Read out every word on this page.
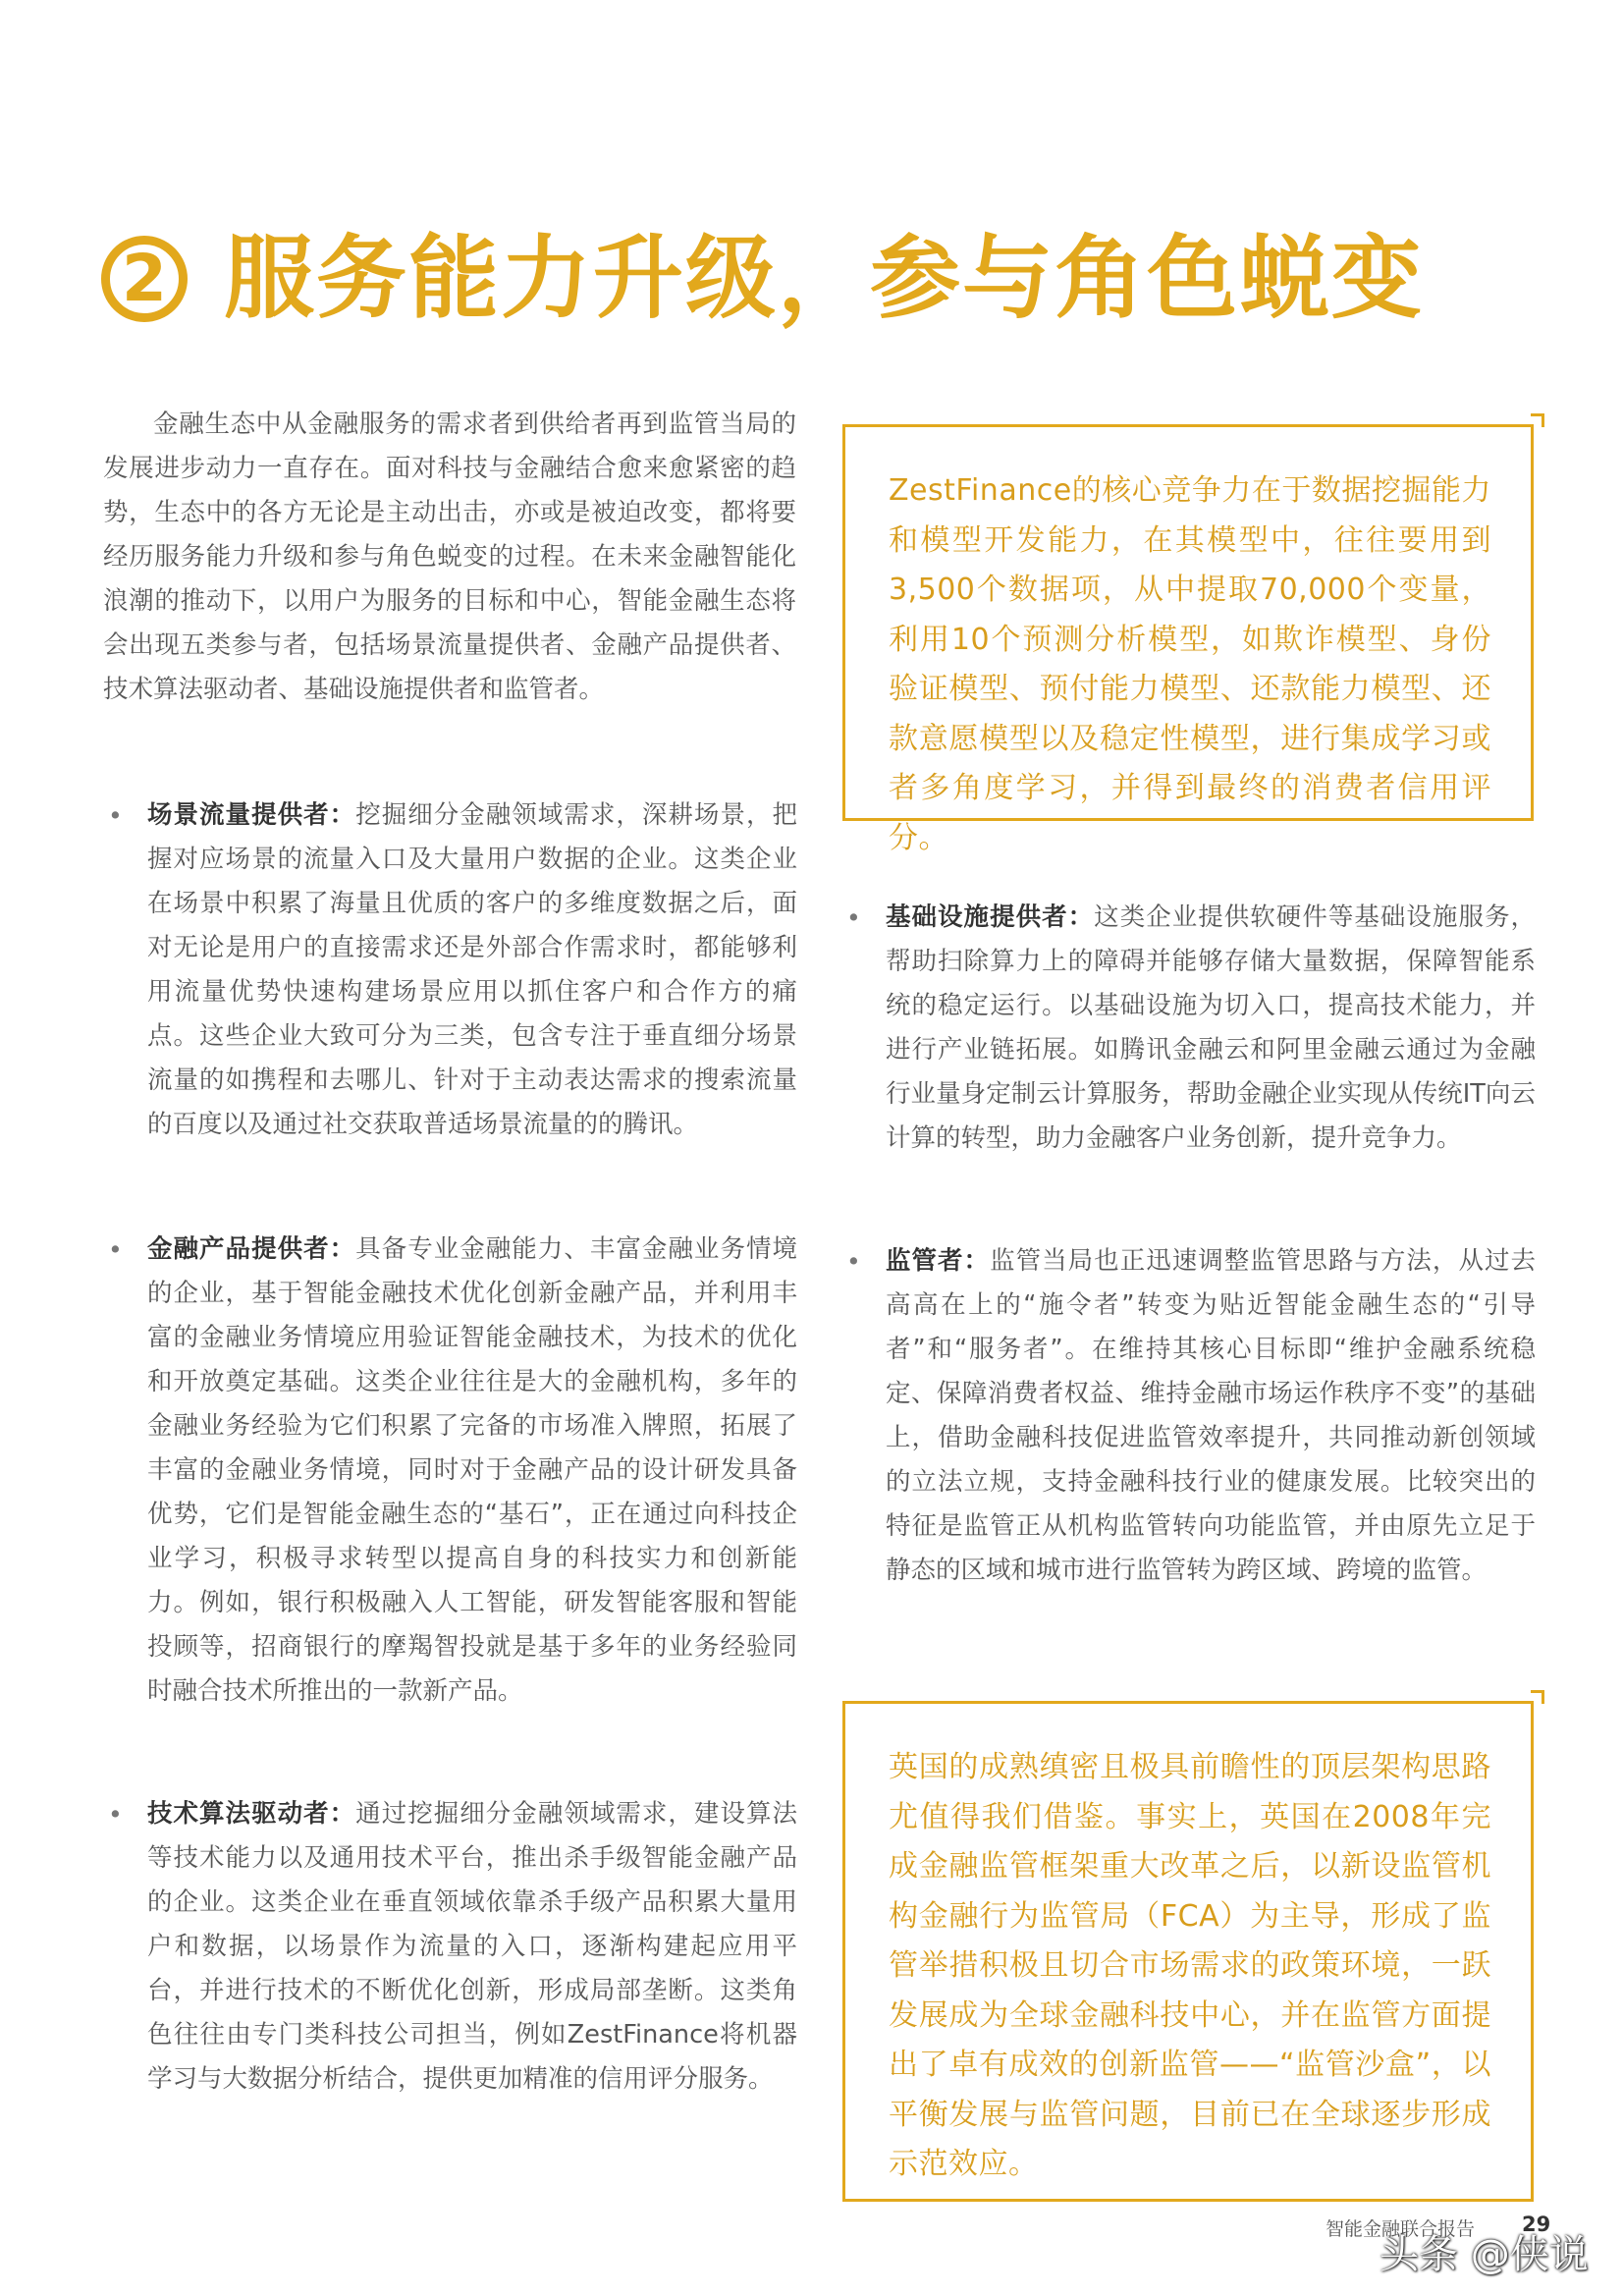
2 服务能力升级，参与角色蜕变

金融生态中从金融服务的需求者到供给者再到监管当局的发展进步动力一直存在。面对科技与金融结合愈来愈紧密的趋势，生态中的各方无论是主动出击，亦或是被迫改变，都将要经历服务能力升级和参与角色蜕变的过程。在未来金融智能化浪潮的推动下，以用户为服务的目标和中心，智能金融生态将会出现五类参与者，包括场景流量提供者、金融产品提供者、技术算法驱动者、基础设施提供者和监管者。

• 场景流量提供者：挖掘细分金融领域需求，深耕场景，把握对应场景的流量入口及大量用户数据的企业。这类企业在场景中积累了海量且优质的客户的多维度数据之后，面对无论是用户的直接需求还是外部合作需求时，都能够利用流量优势快速构建场景应用以抓住客户和合作方的痛点。这些企业大致可分为三类，包含专注于垂直细分场景流量的如携程和去哪儿、针对于主动表达需求的搜索流量的百度以及通过社交获取普适场景流量的的腾讯。

• 金融产品提供者：具备专业金融能力、丰富金融业务情境的企业，基于智能金融技术优化创新金融产品，并利用丰富的金融业务情境应用验证智能金融技术，为技术的优化和开放奠定基础。这类企业往往是大的金融机构，多年的金融业务经验为它们积累了完备的市场准入牌照，拓展了丰富的金融业务情境，同时对于金融产品的设计研发具备优势，它们是智能金融生态的“基石”，正在通过向科技企业学习，积极寻求转型以提高自身的科技实力和创新能力。例如，银行积极融入人工智能，研发智能客服和智能投顾等，招商银行的摩羯智投就是基于多年的业务经验同时融合技术所推出的一款新产品。

• 技术算法驱动者：通过挖掘细分金融领域需求，建设算法等技术能力以及通用技术平台，推出杀手级智能金融产品的企业。这类企业在垂直领域依靠杀手级产品积累大量用户和数据，以场景作为流量的入口，逐渐构建起应用平台，并进行技术的不断优化创新，形成局部垄断。这类角色往往由专门类科技公司担当，例如ZestFinance将机器学习与大数据分析结合，提供更加精准的信用评分服务。

ZestFinance的核心竞争力在于数据挖掘能力和模型开发能力，在其模型中，往往要用到3,500个数据项，从中提取70,000个变量，利用10个预测分析模型，如欺诈模型、身份验证模型、预付能力模型、还款能力模型、还款意愿模型以及稳定性模型，进行集成学习或者多角度学习，并得到最终的消费者信用评分。

• 基础设施提供者：这类企业提供软硬件等基础设施服务，帮助扫除算力上的障碍并能够存储大量数据，保障智能系统的稳定运行。以基础设施为切入口，提高技术能力，并进行产业链拓展。如腾讯金融云和阿里金融云通过为金融行业量身定制云计算服务，帮助金融企业实现从传统IT向云计算的转型，助力金融客户业务创新，提升竞争力。

• 监管者：监管当局也正迅速调整监管思路与方法，从过去高高在上的“施令者”转变为贴近智能金融生态的“引导者”和“服务者”。在维持其核心目标即“维护金融系统稳定、保障消费者权益、维持金融市场运作秩序不变”的基础上，借助金融科技促进监管效率提升，共同推动新创领域的立法立规，支持金融科技行业的健康发展。比较突出的特征是监管正从机构监管转向功能监管，并由原先立足于静态的区域和城市进行监管转为跨区域、跨境的监管。

英国的成熟缜密且极具前瞻性的顶层架构思路尤值得我们借鉴。事实上，英国在2008年完成金融监管框架重大改革之后，以新设监管机构金融行为监管局（FCA）为主导，形成了监管举措积极且切合市场需求的政策环境，一跃发展成为全球金融科技中心，并在监管方面提出了卓有成效的创新监管——“监管沙盒”，以平衡发展与监管问题，目前已在全球逐步形成示范效应。

智能金融联合报告 29
头条 @侠说
